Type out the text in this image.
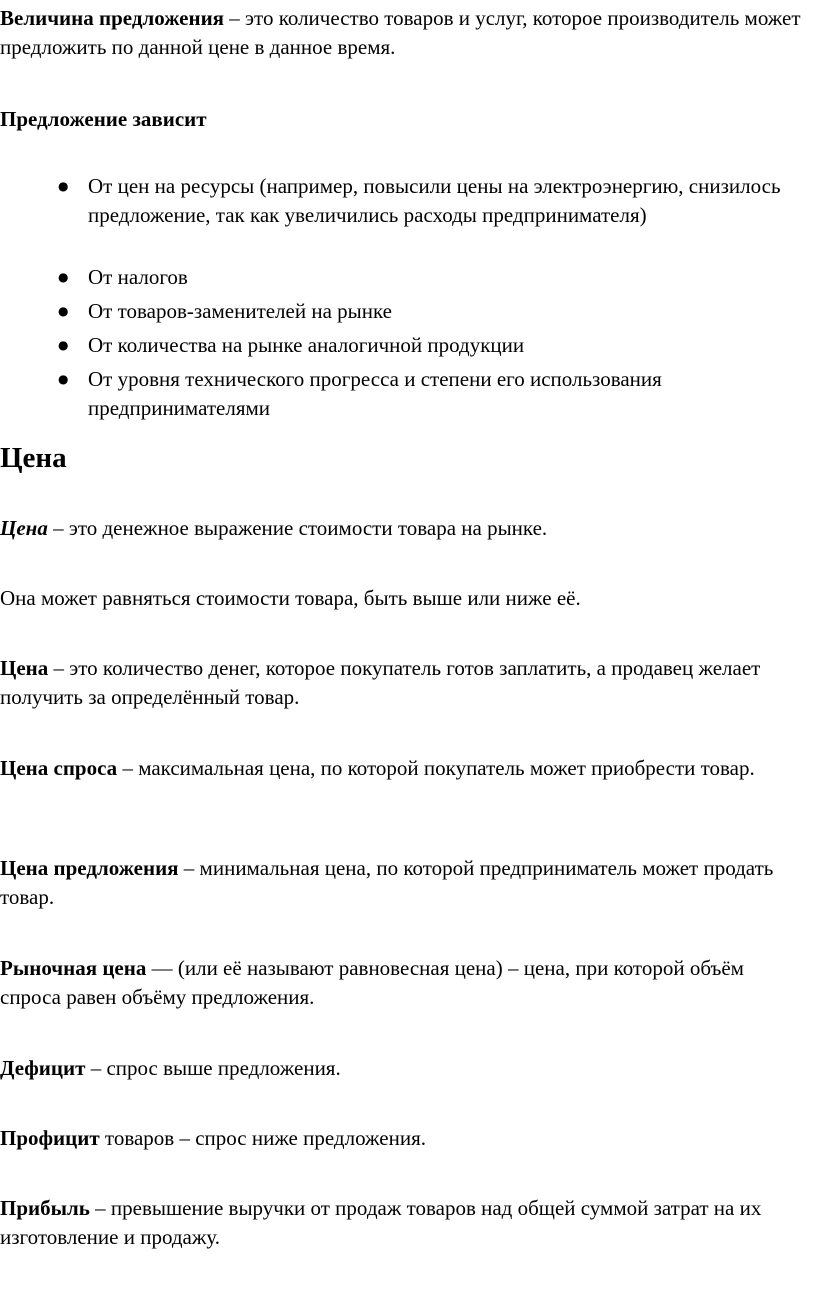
Величина предложения – это количество товаров и услуг, которое производитель может предложить по данной цене в данное время.

Предложение зависит

● От цен на ресурсы (например, повысили цены на электроэнергию, снизилось предложение, так как увеличились расходы предпринимателя)
● От налогов
● От товаров-заменителей на рынке
● От количества на рынке аналогичной продукции
● От уровня технического прогресса и степени его использования предпринимателями
Цена

Цена – это денежное выражение стоимости товара на рынке.

Она может равняться стоимости товара, быть выше или ниже её.

Цена – это количество денег, которое покупатель готов заплатить, а продавец желает получить за определённый товар.

Цена спроса – максимальная цена, по которой покупатель может приобрести товар.

Цена предложения – минимальная цена, по которой предприниматель может продать товар.

Рыночная цена — (или её называют равновесная цена) – цена, при которой объём спроса равен объёму предложения.

Дефицит – спрос выше предложения.

Профицит товаров – спрос ниже предложения.

Прибыль – превышение выручки от продаж товаров над общей суммой затрат на их изготовление и продажу.
